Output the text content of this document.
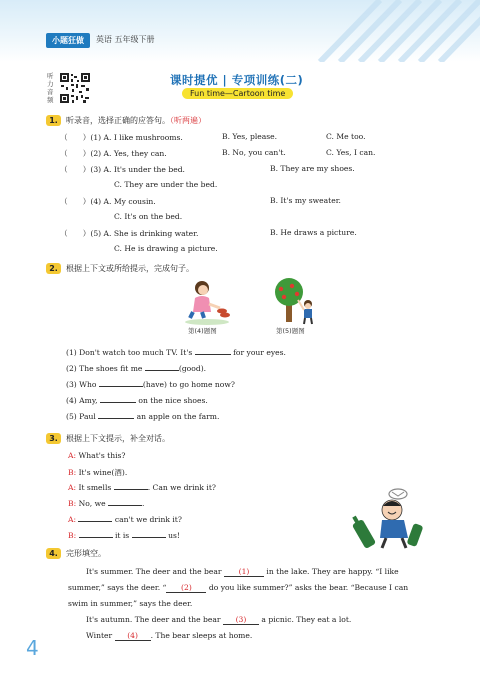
小题狂做	英语 五年级下册
听力音频
课时提优 | 专项训练(二)
Fun time—Cartoon time
1.	听录音，选择正确的应答句。（听两遍）
（　　）(1) A. I like mushrooms.	B. Yes, please.	C. Me too.
（　　）(2) A. Yes, they can.	B. No, you can't.	C. Yes, I can.
（　　）(3) A. It's under the bed.	B. They are my shoes.
C. They are under the bed.
（　　）(4) A. My cousin.	B. It's my sweater.
C. It's on the bed.
（　　）(5) A. She is drinking water.	B. He draws a picture.
C. He is drawing a picture.
2.	根据上下文或所给提示，完成句子。
第(4)题图	第(5)题图
(1) Don't watch too much TV. It's	for your eyes.
(2) The shoes fit me	(good).
(3) Who	(have) to go home now?
(4) Amy,	on the nice shoes.
(5) Paul	an apple on the farm.
3.	根据上下文提示，补全对话。
A: What's this?
B: It's wine(酒).
A: It smells	. Can we drink it?
B: No, we	.
A:	can't we drink it?
B:	it is	us!
4.	完形填空。
It's summer. The deer and the bear (1) in the lake. They are happy. “I like
summer,” says the deer. “ (2) do you like summer?” asks the bear. “Because I can
swim in summer,” says the deer.
It's autumn. The deer and the bear (3) a picnic. They eat a lot.
Winter (4) . The bear sleeps at home.
4
